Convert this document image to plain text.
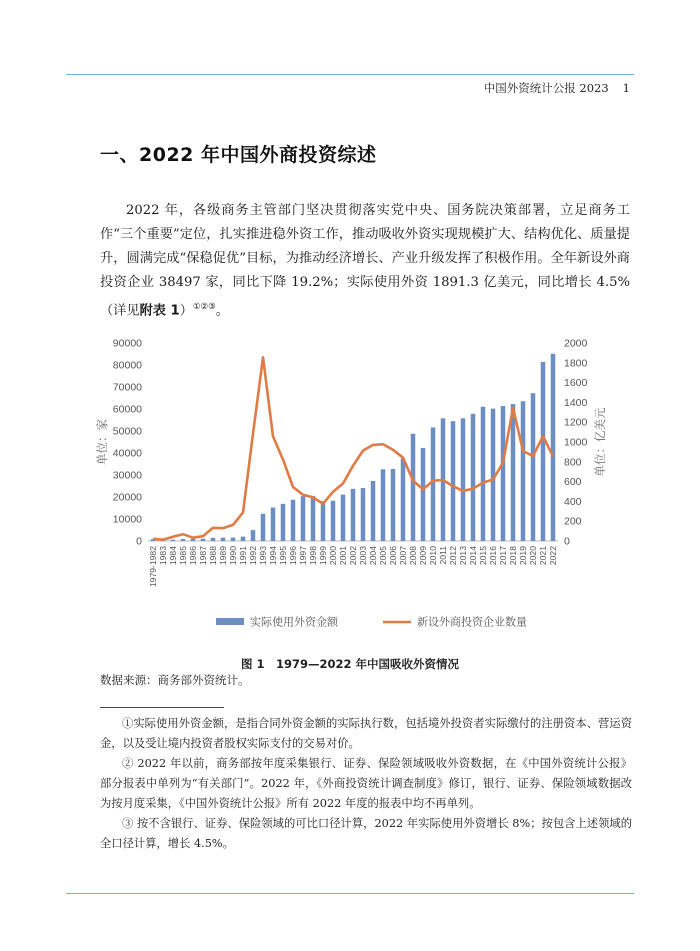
中国外资统计公报 2023 1
一、2022 年中国外商投资综述

2022 年，各级商务主管部门坚决贯彻落实党中央、国务院决策部署，立足商务工作“三个重要”定位，扎实推进稳外资工作，推动吸收外资实现规模扩大、结构优化、质量提升，圆满完成“保稳促优”目标，为推动经济增长、产业升级发挥了积极作用。全年新设外商投资企业 38497 家，同比下降 19.2%；实际使用外资 1891.3 亿美元，同比增长 4.5%（详见附表 1）①②③。

0
10000
20000
30000
40000
50000
60000
70000
80000
90000
0
200
400
600
800
1000
1200
1400
1600
1800
2000
单位：家	单位：亿美元
1979-1982 1983 1984 1985 1986 1987 1988 1989 1990 1991 1992 1993 1994 1995 1996 1997 1998 1999 2000 2001 2002 2003 2004 2005 2006 2007 2008 2009 2010 2011 2012 2013 2014 2015 2016 2017 2018 2019 2020 2021 2022
实际使用外资金额	新设外商投资企业数量
图 1　1979—2022 年中国吸收外资情况
数据来源：商务部外资统计。

①实际使用外资金额，是指合同外资金额的实际执行数，包括境外投资者实际缴付的注册资本、营运资金，以及受让境内投资者股权实际支付的交易对价。

② 2022 年以前，商务部按年度采集银行、证券、保险领域吸收外资数据，在《中国外资统计公报》部分报表中单列为“有关部门”。2022 年，《外商投资统计调查制度》修订，银行、证券、保险领域数据改为按月度采集，《中国外资统计公报》所有 2022 年度的报表中均不再单列。

③ 按不含银行、证券、保险领域的可比口径计算，2022 年实际使用外资增长 8%；按包含上述领域的全口径计算，增长 4.5%。
